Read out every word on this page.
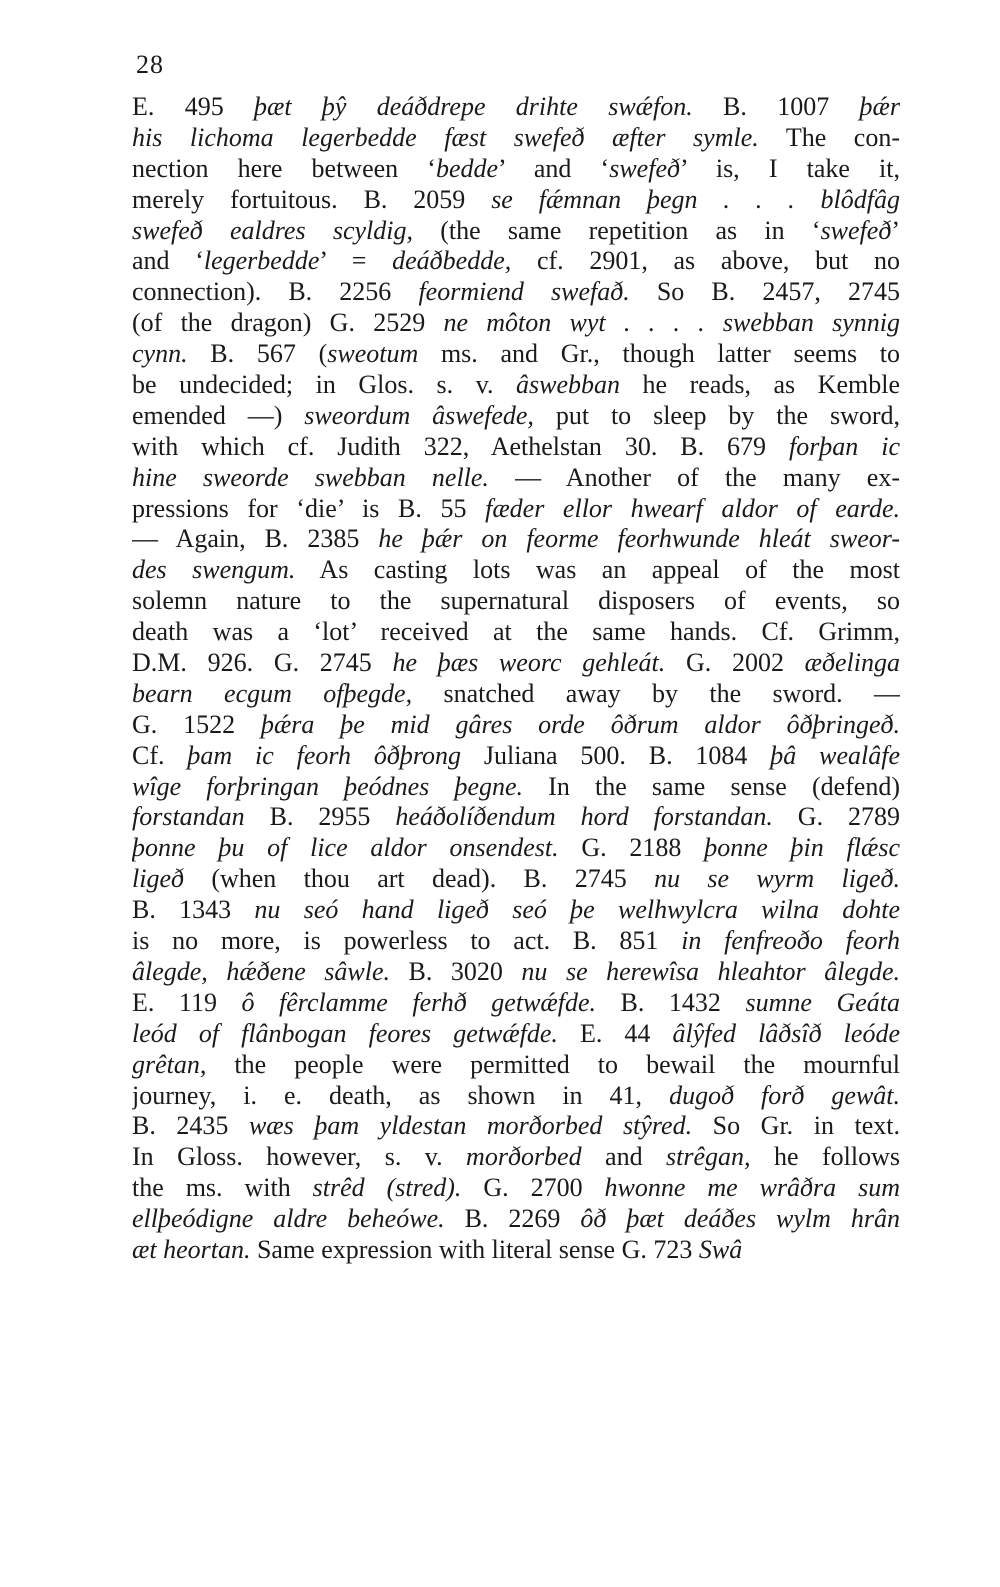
28
E. 495 þæt þŷ deáðdrepe drihte swǽfon. B. 1007 þǽr
his lichoma legerbedde fæst swefeð æfter symle. The con-
nection here between ‘bedde’ and ‘swefeð’ is, I take it,
merely fortuitous. B. 2059 se fǽmnan þegn . . . blôdfâg
swefeð ealdres scyldig, (the same repetition as in ‘swefeð’
and ‘legerbedde’ = deáðbedde, cf. 2901, as above, but no
connection). B. 2256 feormiend swefað. So B. 2457, 2745
(of the dragon) G. 2529 ne môton wyt . . . . swebban synnig
cynn. B. 567 (sweotum ms. and Gr., though latter seems to
be undecided; in Glos. s. v. âswebban he reads, as Kemble
emended —) sweordum âswefede, put to sleep by the sword,
with which cf. Judith 322, Aethelstan 30. B. 679 forþan ic
hine sweorde swebban nelle. — Another of the many ex-
pressions for ‘die’ is B. 55 fæder ellor hwearf aldor of earde.
— Again, B. 2385 he þǽr on feorme feorhwunde hleát sweor-
des swengum. As casting lots was an appeal of the most
solemn nature to the supernatural disposers of events, so
death was a ‘lot’ received at the same hands. Cf. Grimm,
D.M. 926. G. 2745 he þæs weorc gehleát. G. 2002 æðelinga
bearn ecgum ofþegde, snatched away by the sword. —
G. 1522 þǽra þe mid gâres orde ôðrum aldor ôðþringeð.
Cf. þam ic feorh ôðþrong Juliana 500. B. 1084 þâ wealâfe
wîge forþringan þeódnes þegne. In the same sense (defend)
forstandan B. 2955 heáðolíðendum hord forstandan. G. 2789
þonne þu of lice aldor onsendest. G. 2188 þonne þin flǽsc
ligeð (when thou art dead). B. 2745 nu se wyrm ligeð.
B. 1343 nu seó hand ligeð seó þe welhwylcra wilna dohte
is no more, is powerless to act. B. 851 in fenfreoðo feorh
âlegde, hǽðene sâwle. B. 3020 nu se herewîsa hleahtor âlegde.
E. 119 ô fêrclamme ferhð getwǽfde. B. 1432 sumne Geáta
leód of flânbogan feores getwǽfde. E. 44 âlŷfed lâðsîð leóde
grêtan, the people were permitted to bewail the mournful
journey, i. e. death, as shown in 41, dugoð forð gewât.
B. 2435 wæs þam yldestan morðorbed stŷred. So Gr. in text.
In Gloss. however, s. v. morðorbed and strêgan, he follows
the ms. with strêd (stred). G. 2700 hwonne me wrâðra sum
ellþeódigne aldre beheówe. B. 2269 ôð þæt deáðes wylm hrân
æt heortan. Same expression with literal sense G. 723 Swâ
